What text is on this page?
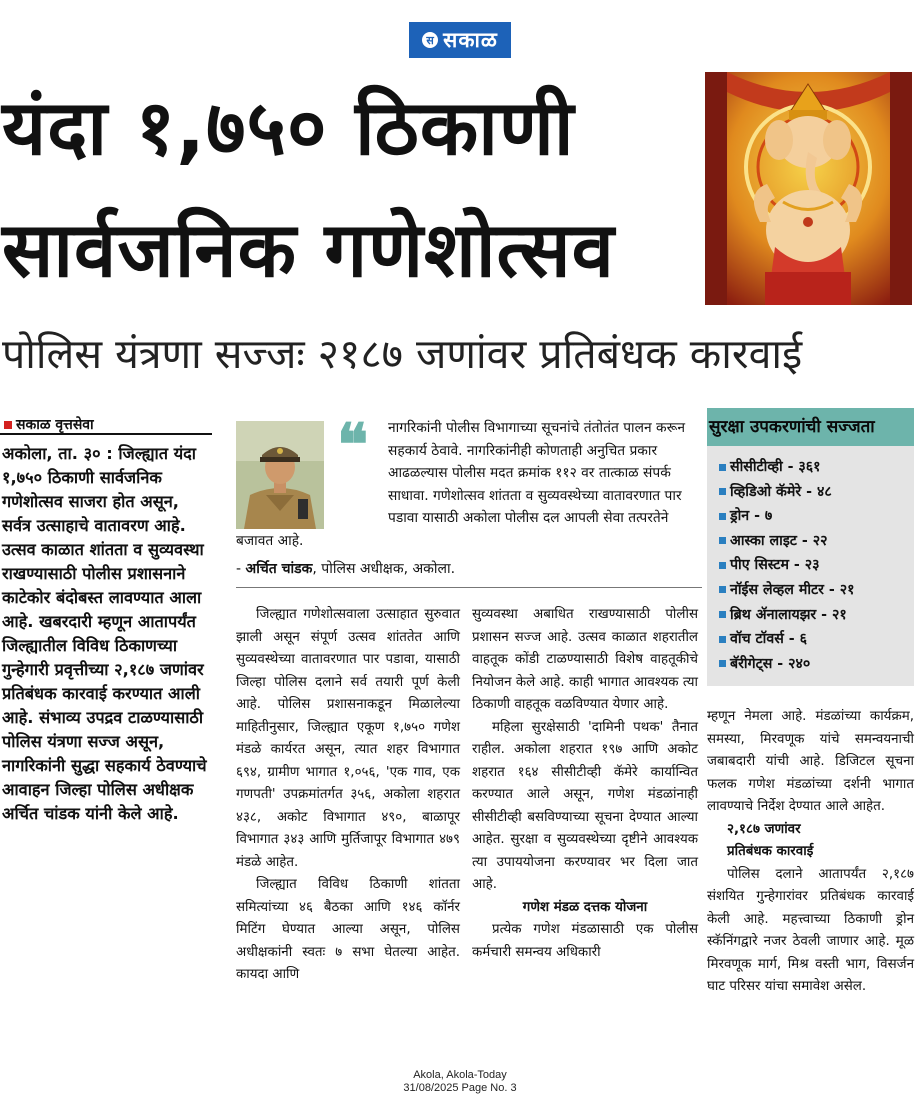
स सकाळ
यंदा १,७५० ठिकाणी
सार्वजनिक गणेशोत्सव
पोलिस यंत्रणा सज्जः २१८७ जणांवर प्रतिबंधक कारवाई
सकाळ वृत्तसेवा

अकोला, ता. ३० : जिल्ह्यात यंदा १,७५० ठिकाणी सार्वजनिक गणेशोत्सव साजरा होत असून, सर्वत्र उत्साहाचे वातावरण आहे. उत्सव काळात शांतता व सुव्यवस्था राखण्यासाठी पोलीस प्रशासनाने काटेकोर बंदोबस्त लावण्यात आला आहे. खबरदारी म्हणून आतापर्यंत जिल्ह्यातील विविध ठिकाणच्या गुन्हेगारी प्रवृत्तीच्या २,१८७ जणांवर प्रतिबंधक कारवाई करण्यात आली आहे. संभाव्य उपद्रव टाळण्यासाठी पोलिस यंत्रणा सज्ज असून, नागरिकांनी सुद्धा सहकार्य ठेवण्याचे आवाहन जिल्हा पोलिस अधीक्षक अर्चित चांडक यांनी केले आहे.

❝	नागरिकांनी पोलीस विभागाच्या सूचनांचे तंतोतंत पालन करून सहकार्य ठेवावे. नागरिकांनीही कोणताही अनुचित प्रकार आढळल्यास पोलीस मदत क्रमांक ११२ वर तात्काळ संपर्क साधावा. गणेशोत्सव शांतता व सुव्यवस्थेच्या वातावरणात पार पडावा यासाठी अकोला पोलीस दल आपली सेवा तत्परतेने बजावत आहे.

- अर्चित चांडक, पोलिस अधीक्षक, अकोला.

जिल्ह्यात गणेशोत्सवाला उत्साहात सुरुवात झाली असून संपूर्ण उत्सव शांततेत आणि सुव्यवस्थेच्या वातावरणात पार पडावा, यासाठी जिल्हा पोलिस दलाने सर्व तयारी पूर्ण केली आहे. पोलिस प्रशासनाकडून मिळालेल्या माहितीनुसार, जिल्ह्यात एकूण १,७५० गणेश मंडळे कार्यरत असून, त्यात शहर विभागात ६९४, ग्रामीण भागात १,०५६, 'एक गाव, एक गणपती' उपक्रमांतर्गत ३५६, अकोला शहरात ४३८, अकोट विभागात ४९०, बाळापूर विभागात ३४३ आणि मुर्तिजापूर विभागात ४७९ मंडळे आहेत.

जिल्ह्यात विविध ठिकाणी शांतता समित्यांच्या ४६ बैठका आणि १४६ कॉर्नर मिटिंग घेण्यात आल्या असून, पोलिस अधीक्षकांनी स्वतः ७ सभा घेतल्या आहेत. कायदा आणि

सुव्यवस्था अबाधित राखण्यासाठी पोलीस प्रशासन सज्ज आहे. उत्सव काळात शहरातील वाहतूक कोंडी टाळण्यासाठी विशेष वाहतूकीचे नियोजन केले आहे. काही भागात आवश्यक त्या ठिकाणी वाहतूक वळविण्यात येणार आहे.

महिला सुरक्षेसाठी 'दामिनी पथक' तैनात राहील. अकोला शहरात १९७ आणि अकोट शहरात १६४ सीसीटीव्ही कॅमेरे कार्यान्वित करण्यात आले असून, गणेश मंडळांनाही सीसीटीव्ही बसविण्याच्या सूचना देण्यात आल्या आहेत. सुरक्षा व सुव्यवस्थेच्या दृष्टीने आवश्यक त्या उपाययोजना करण्यावर भर दिला जात आहे.

गणेश मंडळ दत्तक योजना

प्रत्येक गणेश मंडळासाठी एक पोलीस कर्मचारी समन्वय अधिकारी

सुरक्षा उपकरणांची सज्जता
सीसीटीव्ही - ३६१
व्हिडिओ कॅमेरे - ४८
ड्रोन - ७
आस्का लाइट - २२
पीए सिस्टम - २३
नॉईस लेव्हल मीटर - २१
ब्रिथ ॲनालायझर - २१
वॉच टॉवर्स - ६
बॅरीगेट्स - २४०

म्हणून नेमला आहे. मंडळांच्या कार्यक्रम, समस्या, मिरवणूक यांचे समन्वयनाची जबाबदारी यांची आहे. डिजिटल सूचना फलक गणेश मंडळांच्या दर्शनी भागात लावण्याचे निर्देश देण्यात आले आहेत.

२,१८७ जणांवर

प्रतिबंधक कारवाई

पोलिस दलाने आतापर्यंत २,१८७ संशयित गुन्हेगारांवर प्रतिबंधक कारवाई केली आहे. महत्त्वाच्या ठिकाणी ड्रोन स्कॅनिंगद्वारे नजर ठेवली जाणार आहे. मूळ मिरवणूक मार्ग, मिश्र वस्ती भाग, विसर्जन घाट परिसर यांचा समावेश असेल.

Akola, Akola-Today
31/08/2025 Page No. 3
